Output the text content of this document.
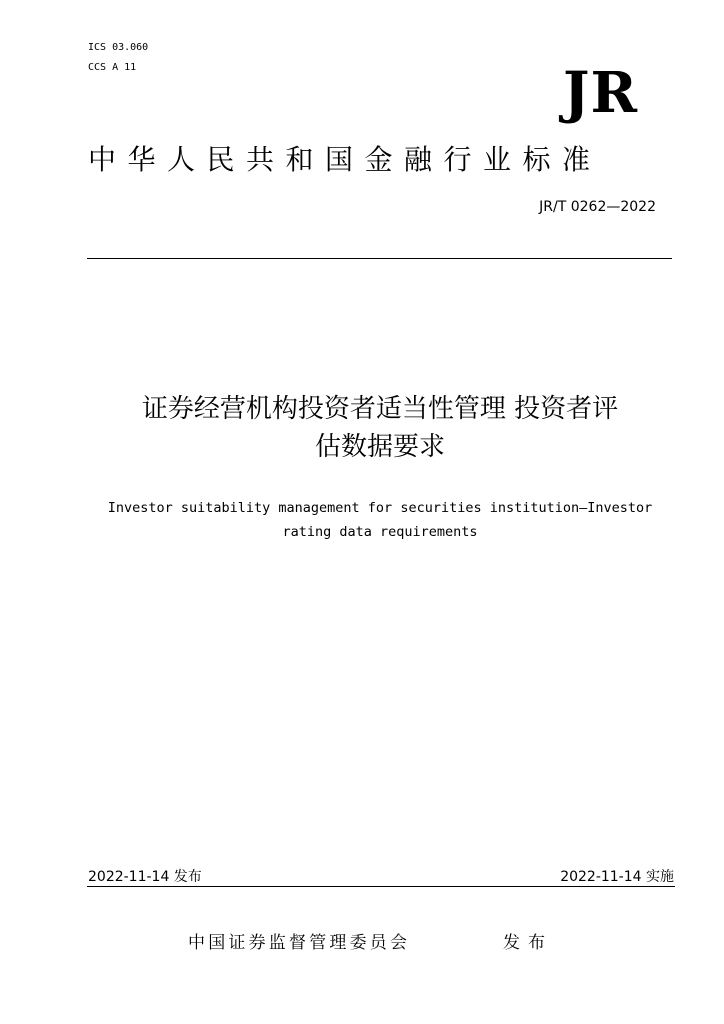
ICS 03.060
CCS A 11	JR
中华人民共和国金融行业标准
JR/T 0262—2022
证券经营机构投资者适当性管理 投资者评
估数据要求
Investor suitability management for securities institution—Investor
rating data requirements
2022-11-14 发布	2022-11-14 实施
中国证券监督管理委员会	发布
